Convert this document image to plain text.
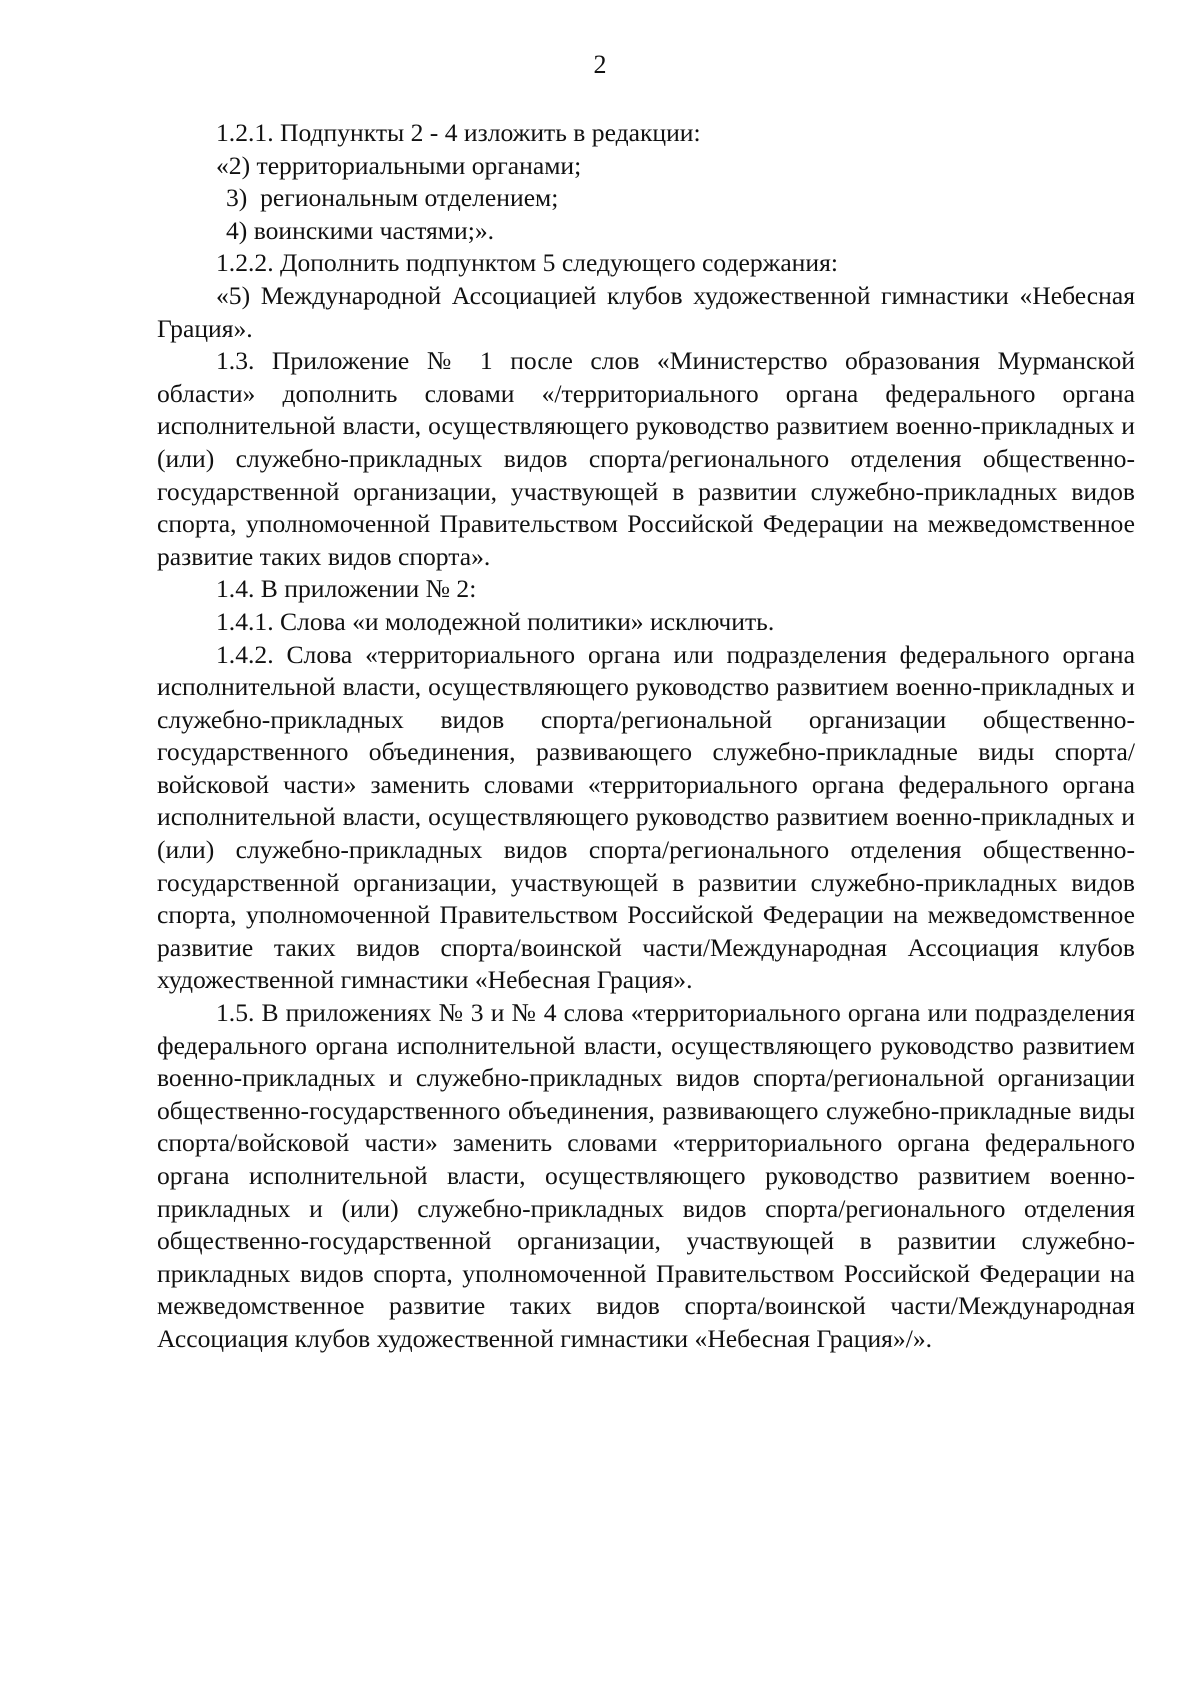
2

1.2.1. Подпункты 2 - 4 изложить в редакции:

«2) территориальными органами;

3)  региональным отделением;

4) воинскими частями;».

1.2.2. Дополнить подпунктом 5 следующего содержания:

«5) Международной Ассоциацией клубов художественной гимнастики «Небесная Грация».

1.3. Приложение № 1 после слов «Министерство образования Мурманской области» дополнить словами «/территориального органа федерального органа исполнительной власти, осуществляющего руководство развитием военно-прикладных и (или) служебно-прикладных видов спорта/регионального отделения общественно-государственной организации, участвующей в развитии служебно-прикладных видов спорта, уполномоченной Правительством Российской Федерации на межведомственное развитие таких видов спорта».

1.4. В приложении № 2:

1.4.1. Слова «и молодежной политики» исключить.

1.4.2. Слова «территориального органа или подразделения федерального органа исполнительной власти, осуществляющего руководство развитием военно-прикладных и служебно-прикладных видов спорта/региональной организации общественно-государственного объединения, развивающего служебно-прикладные виды спорта/войсковой части» заменить словами «территориального органа федерального органа исполнительной власти, осуществляющего руководство развитием военно-прикладных и (или) служебно-прикладных видов спорта/регионального отделения общественно-государственной организации, участвующей в развитии служебно-прикладных видов спорта, уполномоченной Правительством Российской Федерации на межведомственное развитие таких видов спорта/воинской части/Международная Ассоциация клубов художественной гимнастики «Небесная Грация».

1.5. В приложениях № 3 и № 4 слова «территориального органа или подразделения федерального органа исполнительной власти, осуществляющего руководство развитием военно-прикладных и служебно-прикладных видов спорта/региональной организации общественно-государственного объединения, развивающего служебно-прикладные виды спорта/войсковой части» заменить словами «территориального органа федерального органа исполнительной власти, осуществляющего руководство развитием военно-прикладных и (или) служебно-прикладных видов спорта/регионального отделения общественно-государственной организации, участвующей в развитии служебно-прикладных видов спорта, уполномоченной Правительством Российской Федерации на межведомственное развитие таких видов спорта/воинской части/Международная Ассоциация клубов художественной гимнастики «Небесная Грация»/».
